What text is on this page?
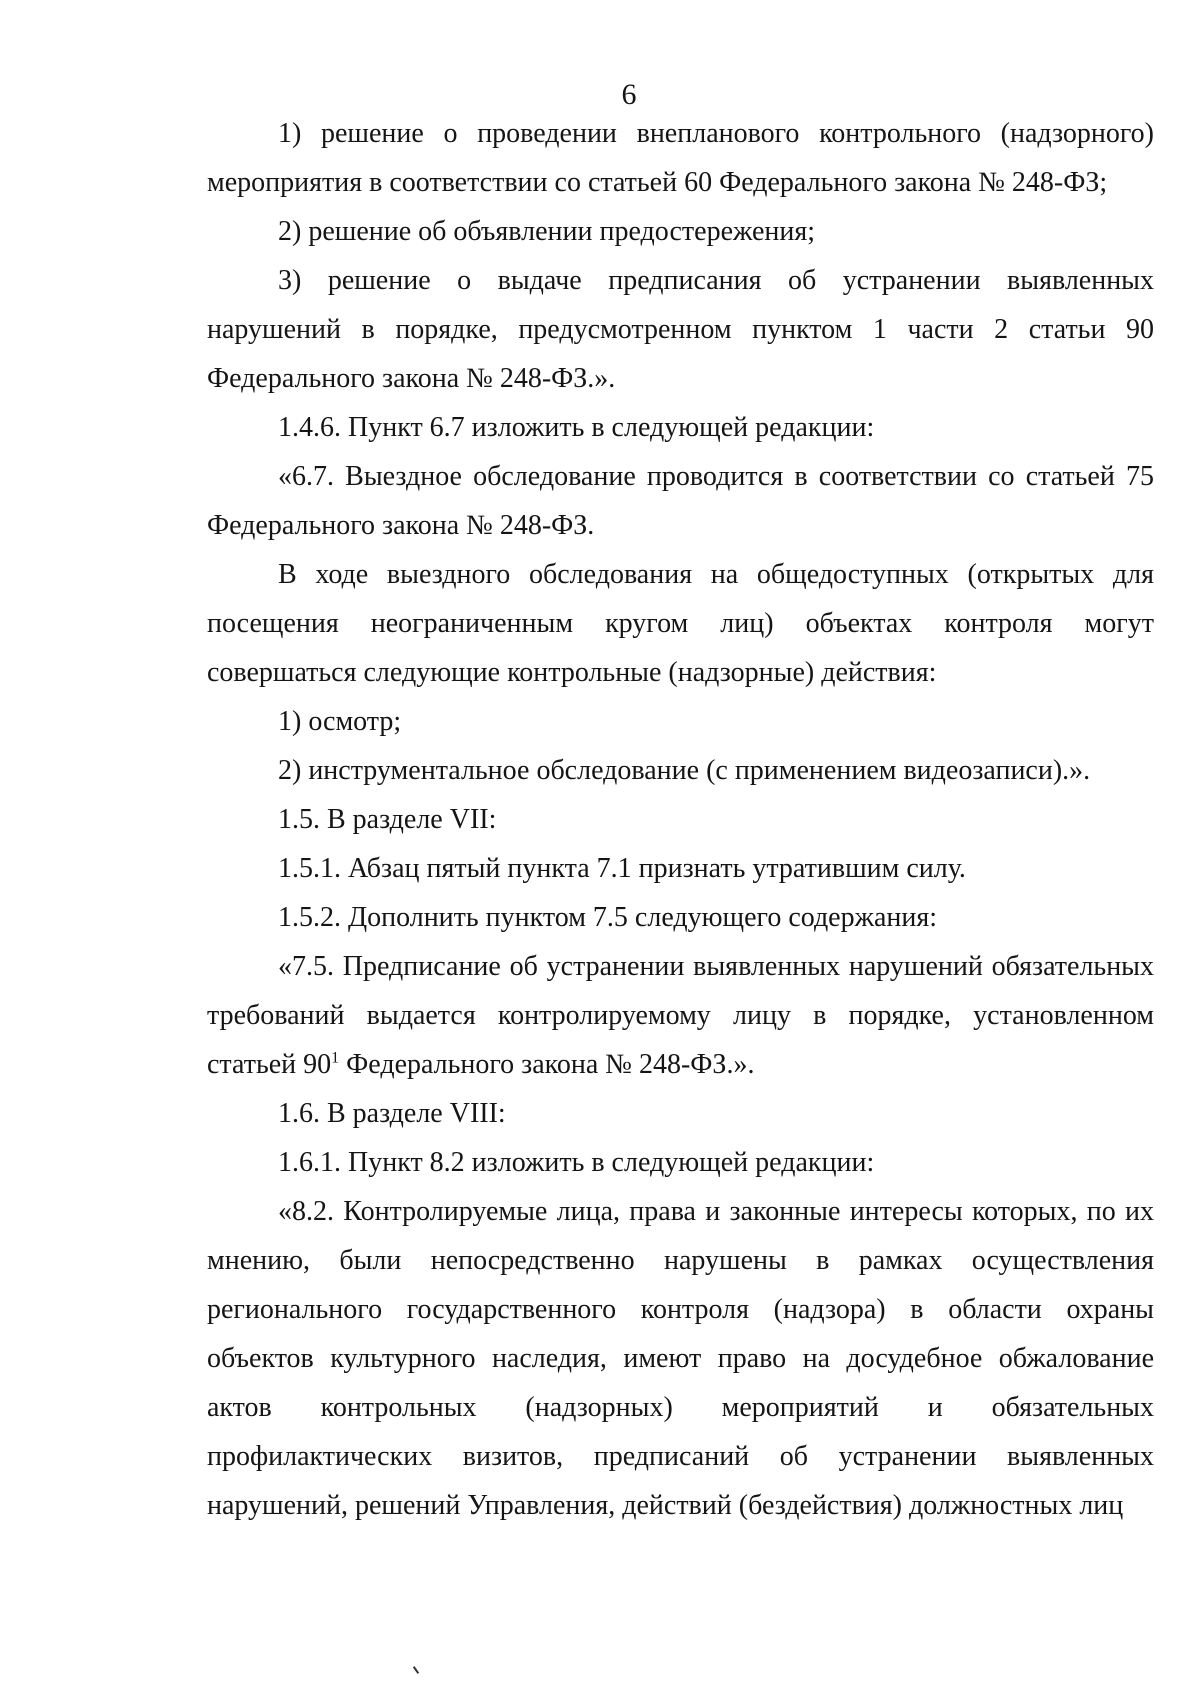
6

1) решение о проведении внепланового контрольного (надзорного) мероприятия в соответствии со статьей 60 Федерального закона № 248-ФЗ;

2) решение об объявлении предостережения;

3) решение о выдаче предписания об устранении выявленных нарушений в порядке, предусмотренном пунктом 1 части 2 статьи 90 Федерального закона № 248-ФЗ.».

1.4.6. Пункт 6.7 изложить в следующей редакции:

«6.7. Выездное обследование проводится в соответствии со статьей 75 Федерального закона № 248-ФЗ.

В ходе выездного обследования на общедоступных (открытых для посещения неограниченным кругом лиц) объектах контроля могут совершаться следующие контрольные (надзорные) действия:

1) осмотр;

2) инструментальное обследование (с применением видеозаписи).».

1.5. В разделе VII:

1.5.1. Абзац пятый пункта 7.1 признать утратившим силу.

1.5.2. Дополнить пунктом 7.5 следующего содержания:

«7.5. Предписание об устранении выявленных нарушений обязательных требований выдается контролируемому лицу в порядке, установленном статьей $90^1$ Федерального закона № 248-ФЗ.».

1.6. В разделе VIII:

1.6.1. Пункт 8.2 изложить в следующей редакции:

«8.2. Контролируемые лица, права и законные интересы которых, по их мнению, были непосредственно нарушены в рамках осуществления регионального государственного контроля (надзора) в области охраны объектов культурного наследия, имеют право на досудебное обжалование актов контрольных (надзорных) мероприятий и обязательных профилактических визитов, предписаний об устранении выявленных нарушений, решений Управления, действий (бездействия) должностных лиц
